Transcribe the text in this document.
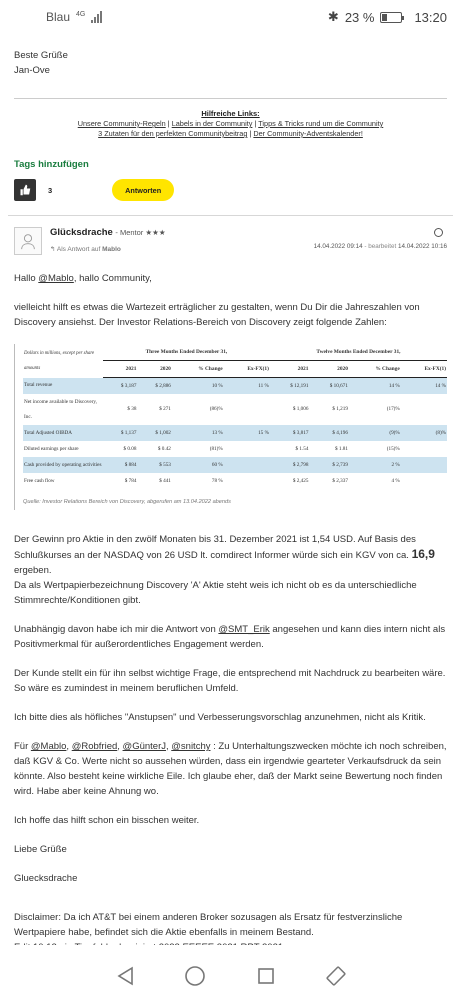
Blau 4G	✱ 23 %	13:20
Beste Grüße
Jan-Ove
Hilfreiche Links:
Unsere Community-Regeln | Labels in der Community | Tipps & Tricks rund um die Community
3 Zutaten für den perfekten Communitybeitrag | Der Community-Adventskalender!
Tags hinzufügen
3	Antworten
Glücksdrache - Mentor ★★★
↰ Als Antwort auf Mablo	14.04.2022 09:14 - bearbeitet 14.04.2022 10:16

Hallo @Mablo, hallo Community,

vielleicht hilft es etwas die Wartezeit erträglicher zu gestalten, wenn Du Dir die Jahreszahlen von Discovery ansiehst. Der Investor Relations-Bereich von Discovery zeigt folgende Zahlen:

Dollars in millions, except per share amounts	Three Months Ended December 31,				Twelve Months Ended December 31,			
	2021	2020	% Change	Ex-FX(1)	2021	2020	% Change	Ex-FX(1)
Total revenue	$ 3,187	$ 2,886	10 %	11 %	$ 12,191	$ 10,671	14 %	14 %
Net income available to Discovery, Inc.	$ 38	$ 271	(86)%		$ 1,006	$ 1,219	(17)%	
Total Adjusted OIBDA	$ 1,137	$ 1,002	13 %	15 %	$ 3,817	$ 4,196	(9)%	(8)%
Diluted earnings per share	$ 0.08	$ 0.42	(81)%		$ 1.54	$ 1.81	(15)%	
Cash provided by operating activities	$ 884	$ 553	60 %		$ 2,798	$ 2,739	2 %	
Free cash flow	$ 784	$ 441	78 %		$ 2,425	$ 2,337	4 %	
Quelle: Investor Relations Bereich von Discovery, abgerufen am 13.04.2022 abends

Der Gewinn pro Aktie in den zwölf Monaten bis 31. Dezember 2021 ist 1,54 USD. Auf Basis des Schlußkurses an der NASDAQ von 26 USD lt. comdirect Informer würde sich ein KGV von ca. 16,9 ergeben.
Da als Wertpapierbezeichnung Discovery 'A' Aktie steht weis ich nicht ob es da unterschiedliche Stimmrechte/Konditionen gibt.

Unabhängig davon habe ich mir die Antwort von @SMT_Erik angesehen und kann dies intern nicht als Positivmerkmal für außerordentliches Engagement werden.

Der Kunde stellt ein für ihn selbst wichtige Frage, die entsprechend mit Nachdruck zu bearbeiten wäre. So wäre es zumindest in meinem beruflichen Umfeld.

Ich bitte dies als höfliches "Anstupsen" und Verbesserungsvorschlag anzunehmen, nicht als Kritik.

Für @Mablo, @Robfried, @GünterJ, @snitchy : Zu Unterhaltungszwecken möchte ich noch schreiben, daß KGV & Co. Werte nicht so aussehen würden, dass ein irgendwie gearteter Verkaufsdruck da sein könnte. Also besteht keine wirkliche Eile. Ich glaube eher, daß der Markt seine Bewertung noch finden wird. Habe aber keine Ahnung wo.

Ich hoffe das hilft schon ein bisschen weiter.

Liebe Grüße

Gluecksdrache

Disclaimer: Da ich AT&T bei einem anderen Broker sozusagen als Ersatz für festverzinsliche Wertpapiere habe, befindet sich die Aktie ebenfalls in meinem Bestand.
